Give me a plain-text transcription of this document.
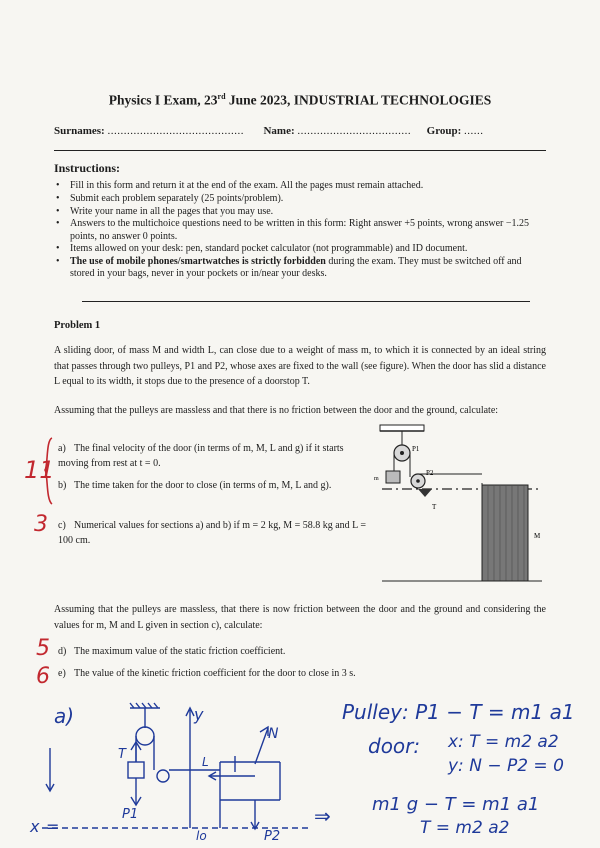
Physics I Exam, 23rd June 2023, INDUSTRIAL TECHNOLOGIES
Surnames: .......................................... Name: ................................... Group: ......
Instructions:
• Fill in this form and return it at the end of the exam. All the pages must remain attached.
• Submit each problem separately (25 points/problem).
• Write your name in all the pages that you may use.
• Answers to the multichoice questions need to be written in this form: Right answer +5 points, wrong answer −1.25 points, no answer 0 points.
• Items allowed on your desk: pen, standard pocket calculator (not programmable) and ID document.
• The use of mobile phones/smartwatches is strictly forbidden during the exam. They must be switched off and stored in your bags, never in your pockets or in/near your desks.
Problem 1
A sliding door, of mass M and width L, can close due to a weight of mass m, to which it is connected by an ideal string that passes through two pulleys, P1 and P2, whose axes are fixed to the wall (see figure). When the door has slid a distance L equal to its width, it stops due to the presence of a doorstop T.
Assuming that the pulleys are massless and that there is no friction between the door and the ground, calculate:
a) The final velocity of the door (in terms of m, M, L and g) if it starts moving from rest at t = 0.
b) The time taken for the door to close (in terms of m, M, L and g).
c) Numerical values for sections a) and b) if m = 2 kg, M = 58.8 kg and L = 100 cm.
P1
m
P2
T
M
Assuming that the pulleys are massless, that there is now friction between the door and the ground and considering the values for m, M and L given in section c), calculate:
d) The maximum value of the static friction coefficient.
e) The value of the kinetic friction coefficient for the door to close in 3 s.
11
3
5
6
a)	Pulley: P1 − T = m1 a1
door: x: T = m2 a2
y: N − P2 = 0
⇒ m1 g − T = m1 a1
T = m2 a2
y
N
T
P1
P2
L
lo
x =
